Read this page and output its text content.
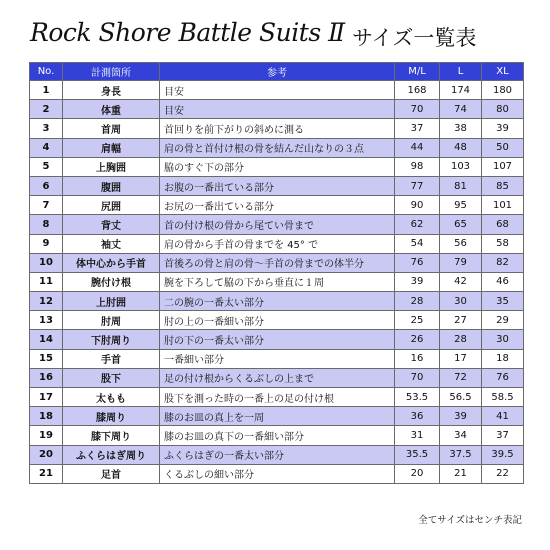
Rock Shore Battle Suits Ⅱ サイズ一覧表
No.	計測箇所	参考	M/L	L	XL
1	身長	目安	168	174	180
2	体重	目安	70	74	80
3	首周	首回りを前下がりの斜めに測る	37	38	39
4	肩幅	肩の骨と首付け根の骨を結んだ山なりの３点	44	48	50
5	上胸囲	脇のすぐ下の部分	98	103	107
6	腹囲	お腹の一番出ている部分	77	81	85
7	尻囲	お尻の一番出ている部分	90	95	101
8	背丈	首の付け根の骨から尾てい骨まで	62	65	68
9	袖丈	肩の骨から手首の骨までを 45° で	54	56	58
10	体中心から手首	首後ろの骨と肩の骨～手首の骨までの体半分	76	79	82
11	腕付け根	腕を下ろして脇の下から垂直に１周	39	42	46
12	上肘囲	二の腕の一番太い部分	28	30	35
13	肘周	肘の上の一番細い部分	25	27	29
14	下肘周り	肘の下の一番太い部分	26	28	30
15	手首	一番細い部分	16	17	18
16	股下	足の付け根からくるぶしの上まで	70	72	76
17	太もも	股下を測った時の一番上の足の付け根	53.5	56.5	58.5
18	膝周り	膝のお皿の真上を一周	36	39	41
19	膝下周り	膝のお皿の真下の一番細い部分	31	34	37
20	ふくらはぎ周り	ふくらはぎの一番太い部分	35.5	37.5	39.5
21	足首	くるぶしの細い部分	20	21	22
全てサイズはセンチ表記
